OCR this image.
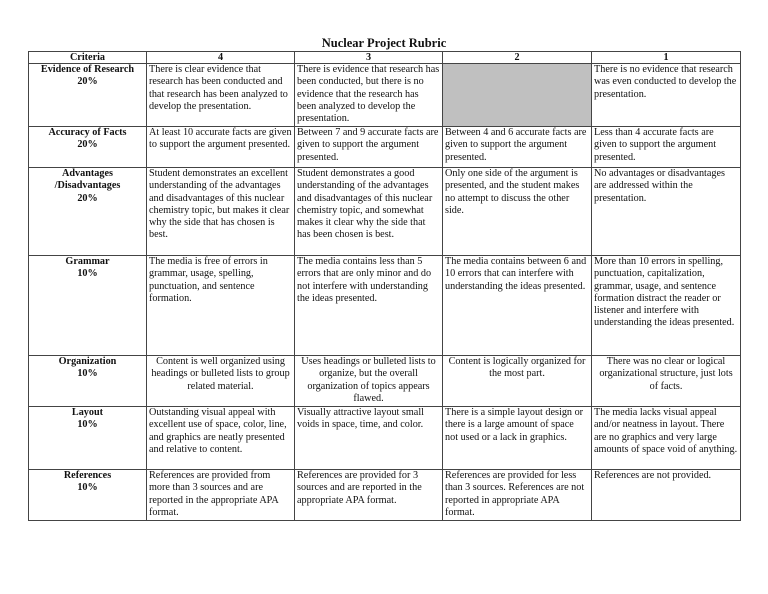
Nuclear Project Rubric
Criteria	4	3	2	1

Evidence of Research
20%	There is clear evidence that research has been conducted and that research has been analyzed to develop the presentation.	There is evidence that research has been conducted, but there is no evidence that the research has been analyzed to develop the presentation.		There is no evidence that research was even conducted to develop the presentation.

Accuracy of Facts
20%	At least 10 accurate facts are given to support the argument presented.	Between 7 and 9 accurate facts are given to support the argument presented.	Between 4 and 6 accurate facts are given to support the argument presented.	Less than 4 accurate facts are given to support the argument presented.

Advantages /Disadvantages
20%	Student demonstrates an excellent understanding of the advantages and disadvantages of this nuclear chemistry topic, but makes it clear why the side that has chosen is best.	Student demonstrates a good understanding of the advantages and disadvantages of this nuclear chemistry topic, and somewhat makes it clear why the side that has been chosen is best.	Only one side of the argument is presented, and the student makes no attempt to discuss the other side.	No advantages or disadvantages are addressed within the presentation.

Grammar
10%	The media is free of errors in grammar, usage, spelling, punctuation, and sentence formation.	The media contains less than 5 errors that are only minor and do not interfere with understanding the ideas presented.	The media contains between 6 and 10 errors that can interfere with understanding the ideas presented.	More than 10 errors in spelling, punctuation, capitalization, grammar, usage, and sentence formation distract the reader or listener and interfere with understanding the ideas presented.

Organization
10%	Content is well organized using headings or bulleted lists to group related material.	Uses headings or bulleted lists to organize, but the overall organization of topics appears flawed.	Content is logically organized for the most part.	There was no clear or logical organizational structure, just lots of facts.

Layout
10%	Outstanding visual appeal with excellent use of space, color, line, and graphics are neatly presented and relative to content.	Visually attractive layout small voids in space, time, and color.	There is a simple layout design or there is a large amount of space not used or a lack in graphics.	The media lacks visual appeal and/or neatness in layout. There are no graphics and very large amounts of space void of anything.

References
10%	References are provided from more than 3 sources and are reported in the appropriate APA format.	References are provided for 3 sources and are reported in the appropriate APA format.	References are provided for less than 3 sources. References are not reported in appropriate APA format.	References are not provided.
